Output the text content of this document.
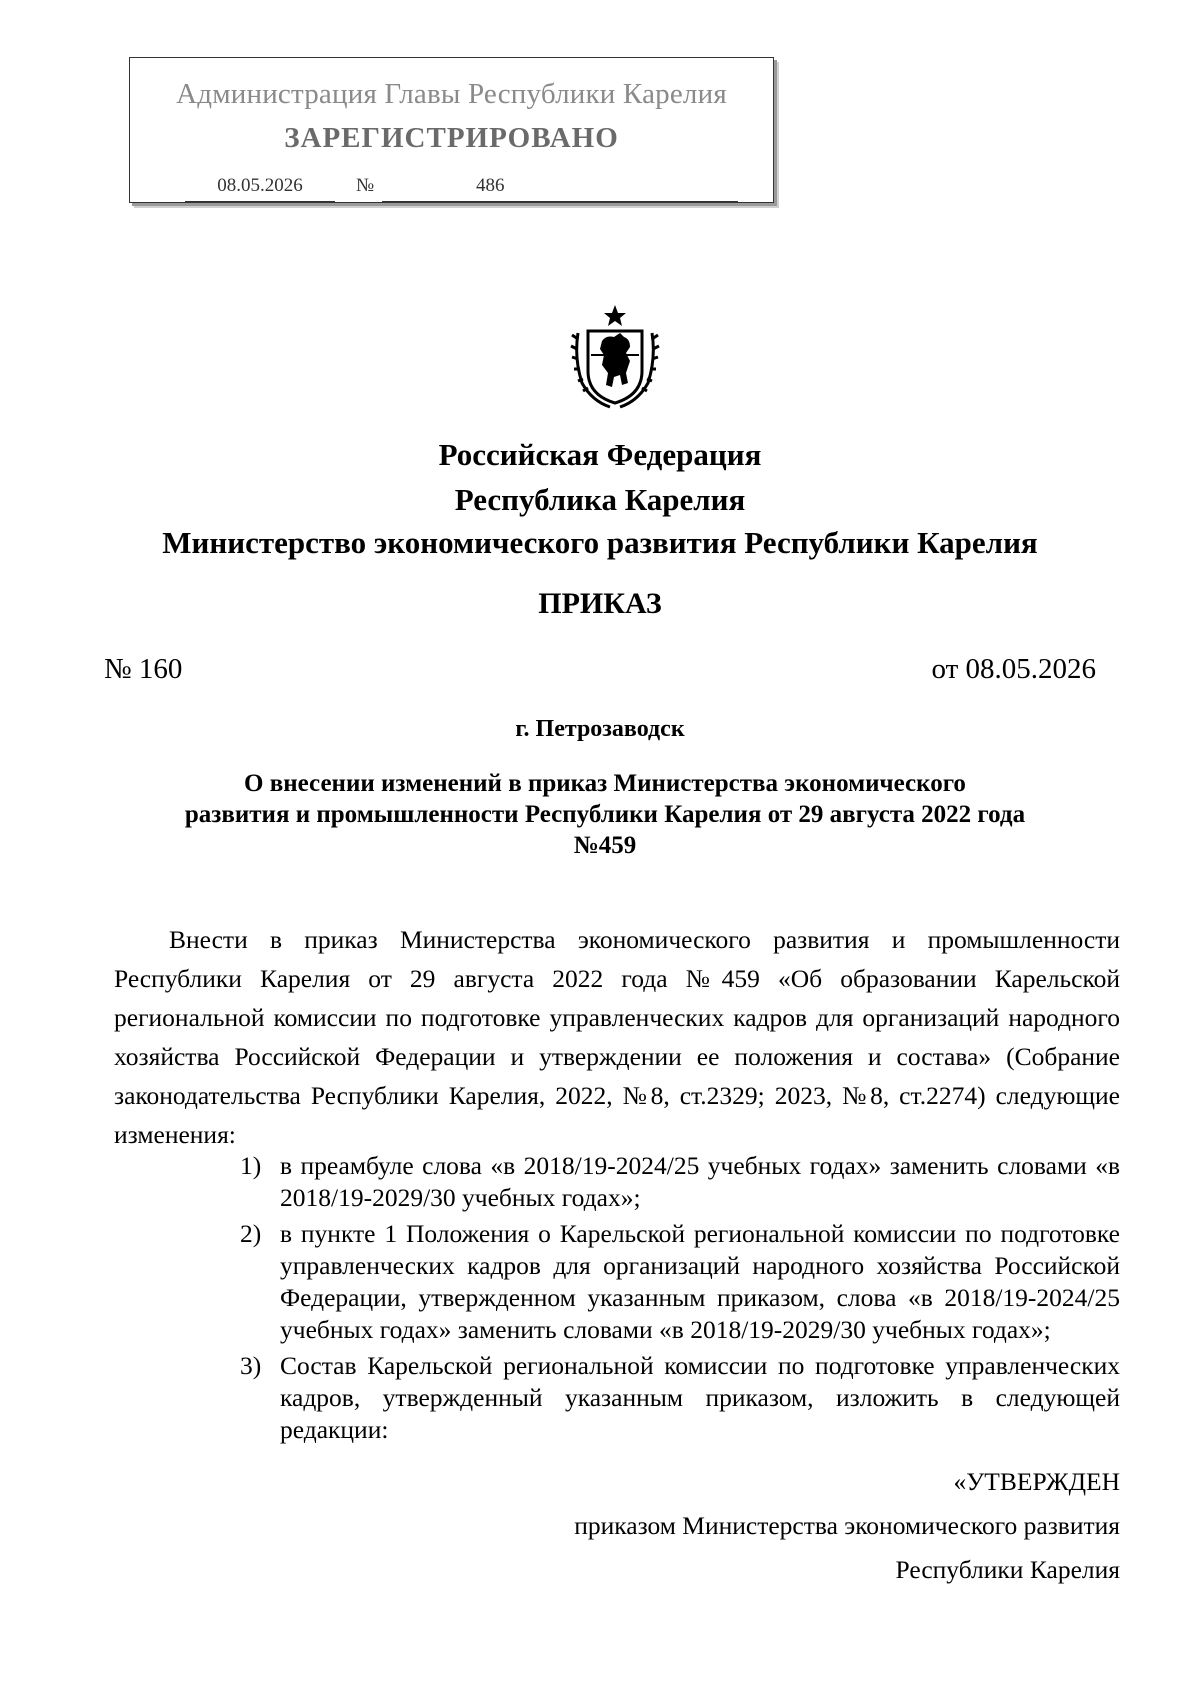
Администрация Главы Республики Карелия
ЗАРЕГИСТРИРОВАНО
08.05.2026	№	486
Российская Федерация
Республика Карелия
Министерство экономического развития Республики Карелия
ПРИКАЗ
№ 160	от 08.05.2026
г. Петрозаводск
О внесении изменений в приказ Министерства экономического
развития и промышленности Республики Карелия от 29 августа 2022 года
№459
Внести в приказ Министерства экономического развития и промышленности Республики Карелия от 29 августа 2022 года №459 «Об образовании Карельской региональной комиссии по подготовке управленческих кадров для организаций народного хозяйства Российской Федерации и утверждении ее положения и состава» (Собрание законодательства Республики Карелия, 2022, №8, ст.2329; 2023, №8, ст.2274) следующие изменения:
1) в преамбуле слова «в 2018/19-2024/25 учебных годах» заменить словами «в 2018/19-2029/30 учебных годах»;
2) в пункте 1 Положения о Карельской региональной комиссии по подготовке управленческих кадров для организаций народного хозяйства Российской Федерации, утвержденном указанным приказом, слова «в 2018/19-2024/25 учебных годах» заменить словами «в 2018/19-2029/30 учебных годах»;
3) Состав Карельской региональной комиссии по подготовке управленческих кадров, утвержденный указанным приказом, изложить в следующей редакции:
«УТВЕРЖДЕН
приказом Министерства экономического развития
Республики Карелия
